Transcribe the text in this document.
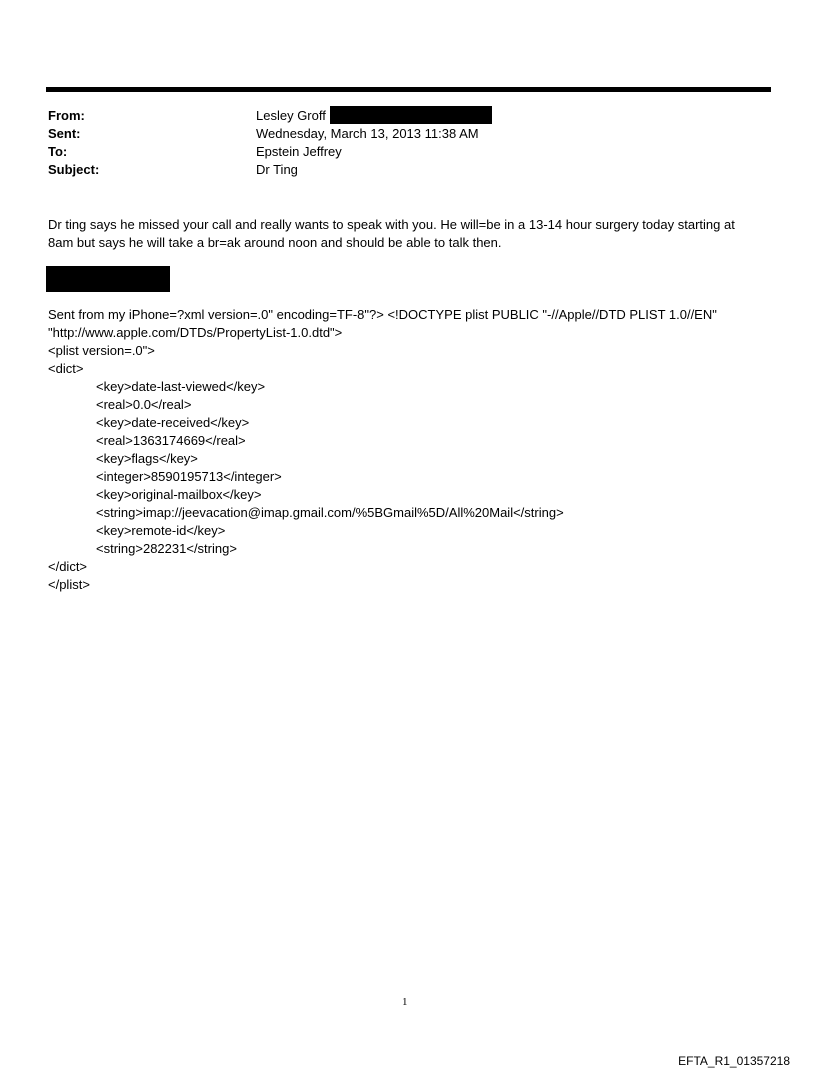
From:	Lesley Groff
Sent:	Wednesday, March 13, 2013 11:38 AM
To:	Epstein Jeffrey
Subject:	Dr Ting

Dr ting says he missed your call and really wants to speak with you. He will=be in a 13-14 hour surgery today starting at

8am but says he will take a br=ak around noon and should be able to talk then.

Sent from my iPhone=?xml version=.0" encoding=TF-8"?> <!DOCTYPE plist PUBLIC "-//Apple//DTD PLIST 1.0//EN"
"http://www.apple.com/DTDs/PropertyList-1.0.dtd">
<plist version=.0">
<dict>
<key>date-last-viewed</key>
<real>0.0</real>
<key>date-received</key>
<real>1363174669</real>
<key>flags</key>
<integer>8590195713</integer>
<key>original-mailbox</key>
<string>imap://jeevacation@imap.gmail.com/%5BGmail%5D/All%20Mail</string>
<key>remote-id</key>
<string>282231</string>
</dict>
</plist>
1
EFTA_R1_01357218
